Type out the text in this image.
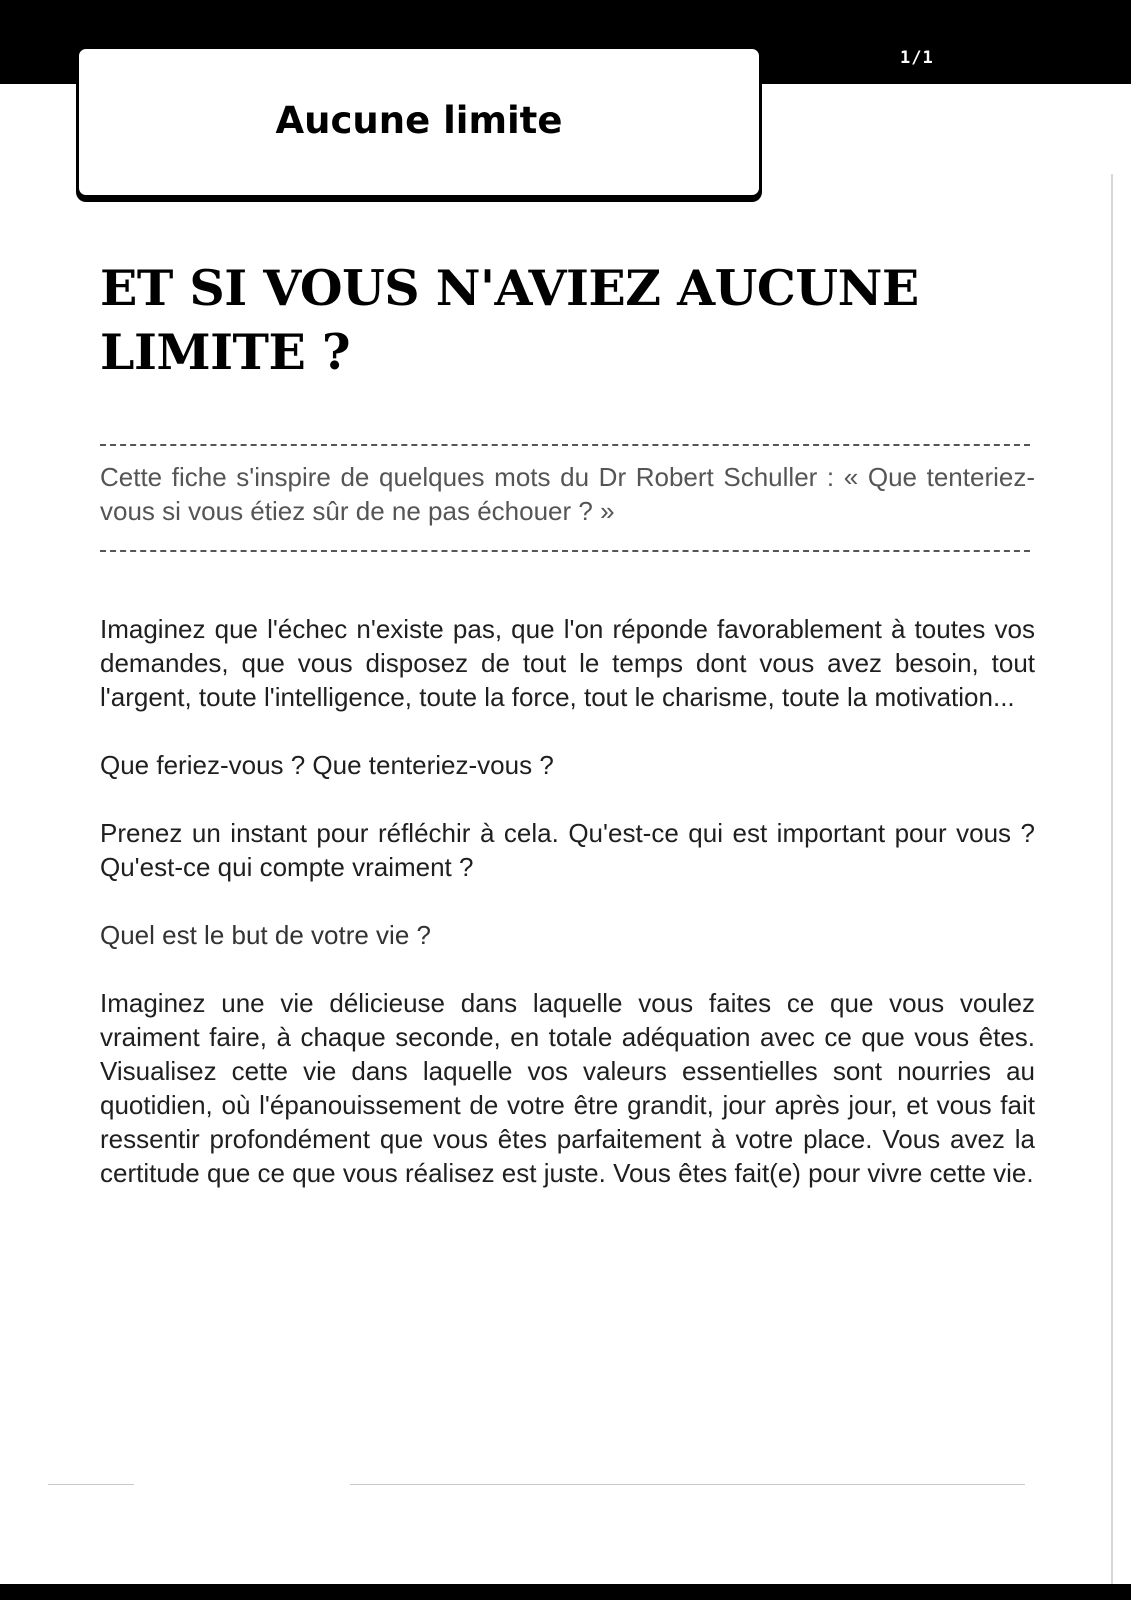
1/1
Aucune limite
ET SI VOUS N'AVIEZ AUCUNE LIMITE ?

Cette fiche s'inspire de quelques mots du Dr Robert Schuller : « Que tenteriez-vous si vous étiez sûr de ne pas échouer ? »

Imaginez que l'échec n'existe pas, que l'on réponde favorablement à toutes vos demandes, que vous disposez de tout le temps dont vous avez besoin, tout l'argent, toute l'intelligence, toute la force, tout le charisme, toute la motivation...

Que feriez-vous ? Que tenteriez-vous ?

Prenez un instant pour réfléchir à cela. Qu'est-ce qui est important pour vous ? Qu'est-ce qui compte vraiment ?

Quel est le but de votre vie ?

Imaginez une vie délicieuse dans laquelle vous faites ce que vous voulez vraiment faire, à chaque seconde, en totale adéquation avec ce que vous êtes. Visualisez cette vie dans laquelle vos valeurs essentielles sont nourries au quotidien, où l'épanouissement de votre être grandit, jour après jour, et vous fait ressentir profondément que vous êtes parfaitement à votre place. Vous avez la certitude que ce que vous réalisez est juste. Vous êtes fait(e) pour vivre cette vie.
